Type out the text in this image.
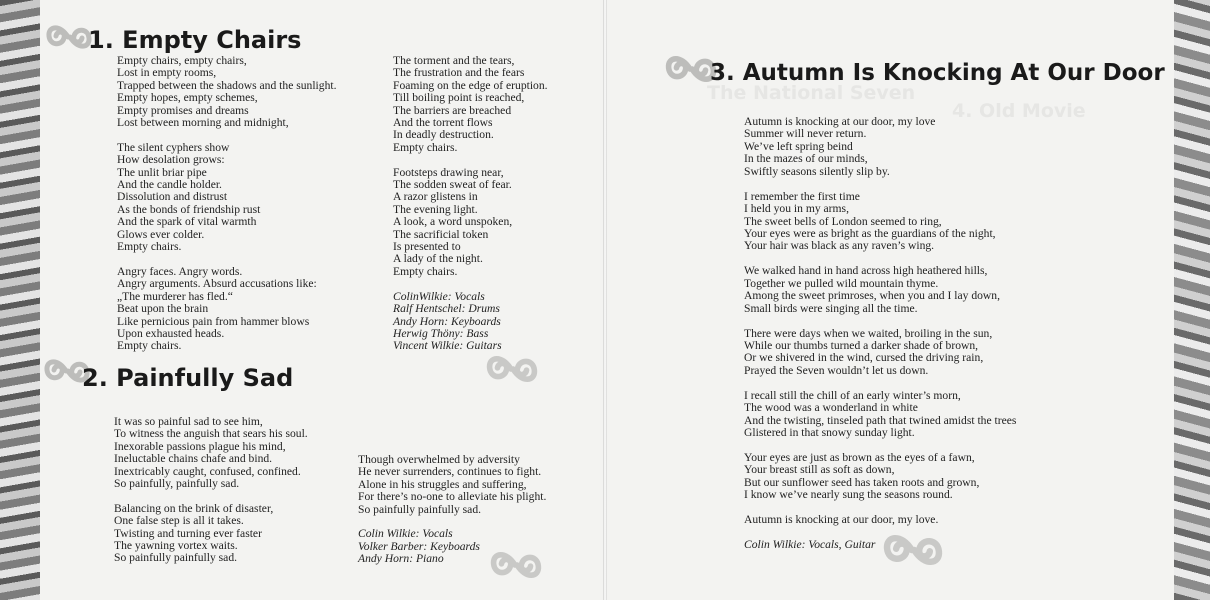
1. Empty Chairs

Empty chairs, empty chairs,

Lost in empty rooms,

Trapped between the shadows and the sunlight.

Empty hopes, empty schemes,

Empty promises and dreams

Lost between morning and midnight,

The silent cyphers show

How desolation grows:

The unlit briar pipe

And the candle holder.

Dissolution and distrust

As the bonds of friendship rust

And the spark of vital warmth

Glows ever colder.

Empty chairs.

Angry faces. Angry words.

Angry arguments. Absurd accusations like:

„The murderer has fled.“

Beat upon the brain

Like pernicious pain from hammer blows

Upon exhausted heads.

Empty chairs.

The torment and the tears,

The frustration and the fears

Foaming on the edge of eruption.

Till boiling point is reached,

The barriers are breached

And the torrent flows

In deadly destruction.

Empty chairs.

Footsteps drawing near,

The sodden sweat of fear.

A razor glistens in

The evening light.

A look, a word unspoken,

The sacrificial token

Is presented to

A lady of the night.

Empty chairs.

ColinWilkie: Vocals

Ralf Hentschel: Drums

Andy Horn: Keyboards

Herwig Thöny: Bass

Vincent Wilkie: Guitars

2. Painfully Sad

It was so painful sad to see him,

To witness the anguish that sears his soul.

Inexorable passions plague his mind,

Ineluctable chains chafe and bind.

Inextricably caught, confused, confined.

So painfully, painfully sad.

Balancing on the brink of disaster,

One false step is all it takes.

Twisting and turning ever faster

The yawning vortex waits.

So painfully painfully sad.

Though overwhelmed by adversity

He never surrenders, continues to fight.

Alone in his struggles and suffering,

For there’s no-one to alleviate his plight.

So painfully painfully sad.

Colin Wilkie: Vocals

Volker Barber: Keyboards

Andy Horn: Piano

The National Seven
4. Old Movie
3. Autumn Is Knocking At Our Door

Autumn is knocking at our door, my love

Summer will never return.

We’ve left spring beind

In the mazes of our minds,

Swiftly seasons silently slip by.

I remember the first time

I held you in my arms,

The sweet bells of London seemed to ring,

Your eyes were as bright as the guardians of the night,

Your hair was black as any raven’s wing.

We walked hand in hand across high heathered hills,

Together we pulled wild mountain thyme.

Among the sweet primroses, when you and I lay down,

Small birds were singing all the time.

There were days when we waited, broiling in the sun,

While our thumbs turned a darker shade of brown,

Or we shivered in the wind, cursed the driving rain,

Prayed the Seven wouldn’t let us down.

I recall still the chill of an early winter’s morn,

The wood was a wonderland in white

And the twisting, tinseled path that twined amidst the trees

Glistered in that snowy sunday light.

Your eyes are just as brown as the eyes of a fawn,

Your breast still as soft as down,

But our sunflower seed has taken roots and grown,

I know we’ve nearly sung the seasons round.

Autumn is knocking at our door, my love.

Colin Wilkie: Vocals, Guitar
